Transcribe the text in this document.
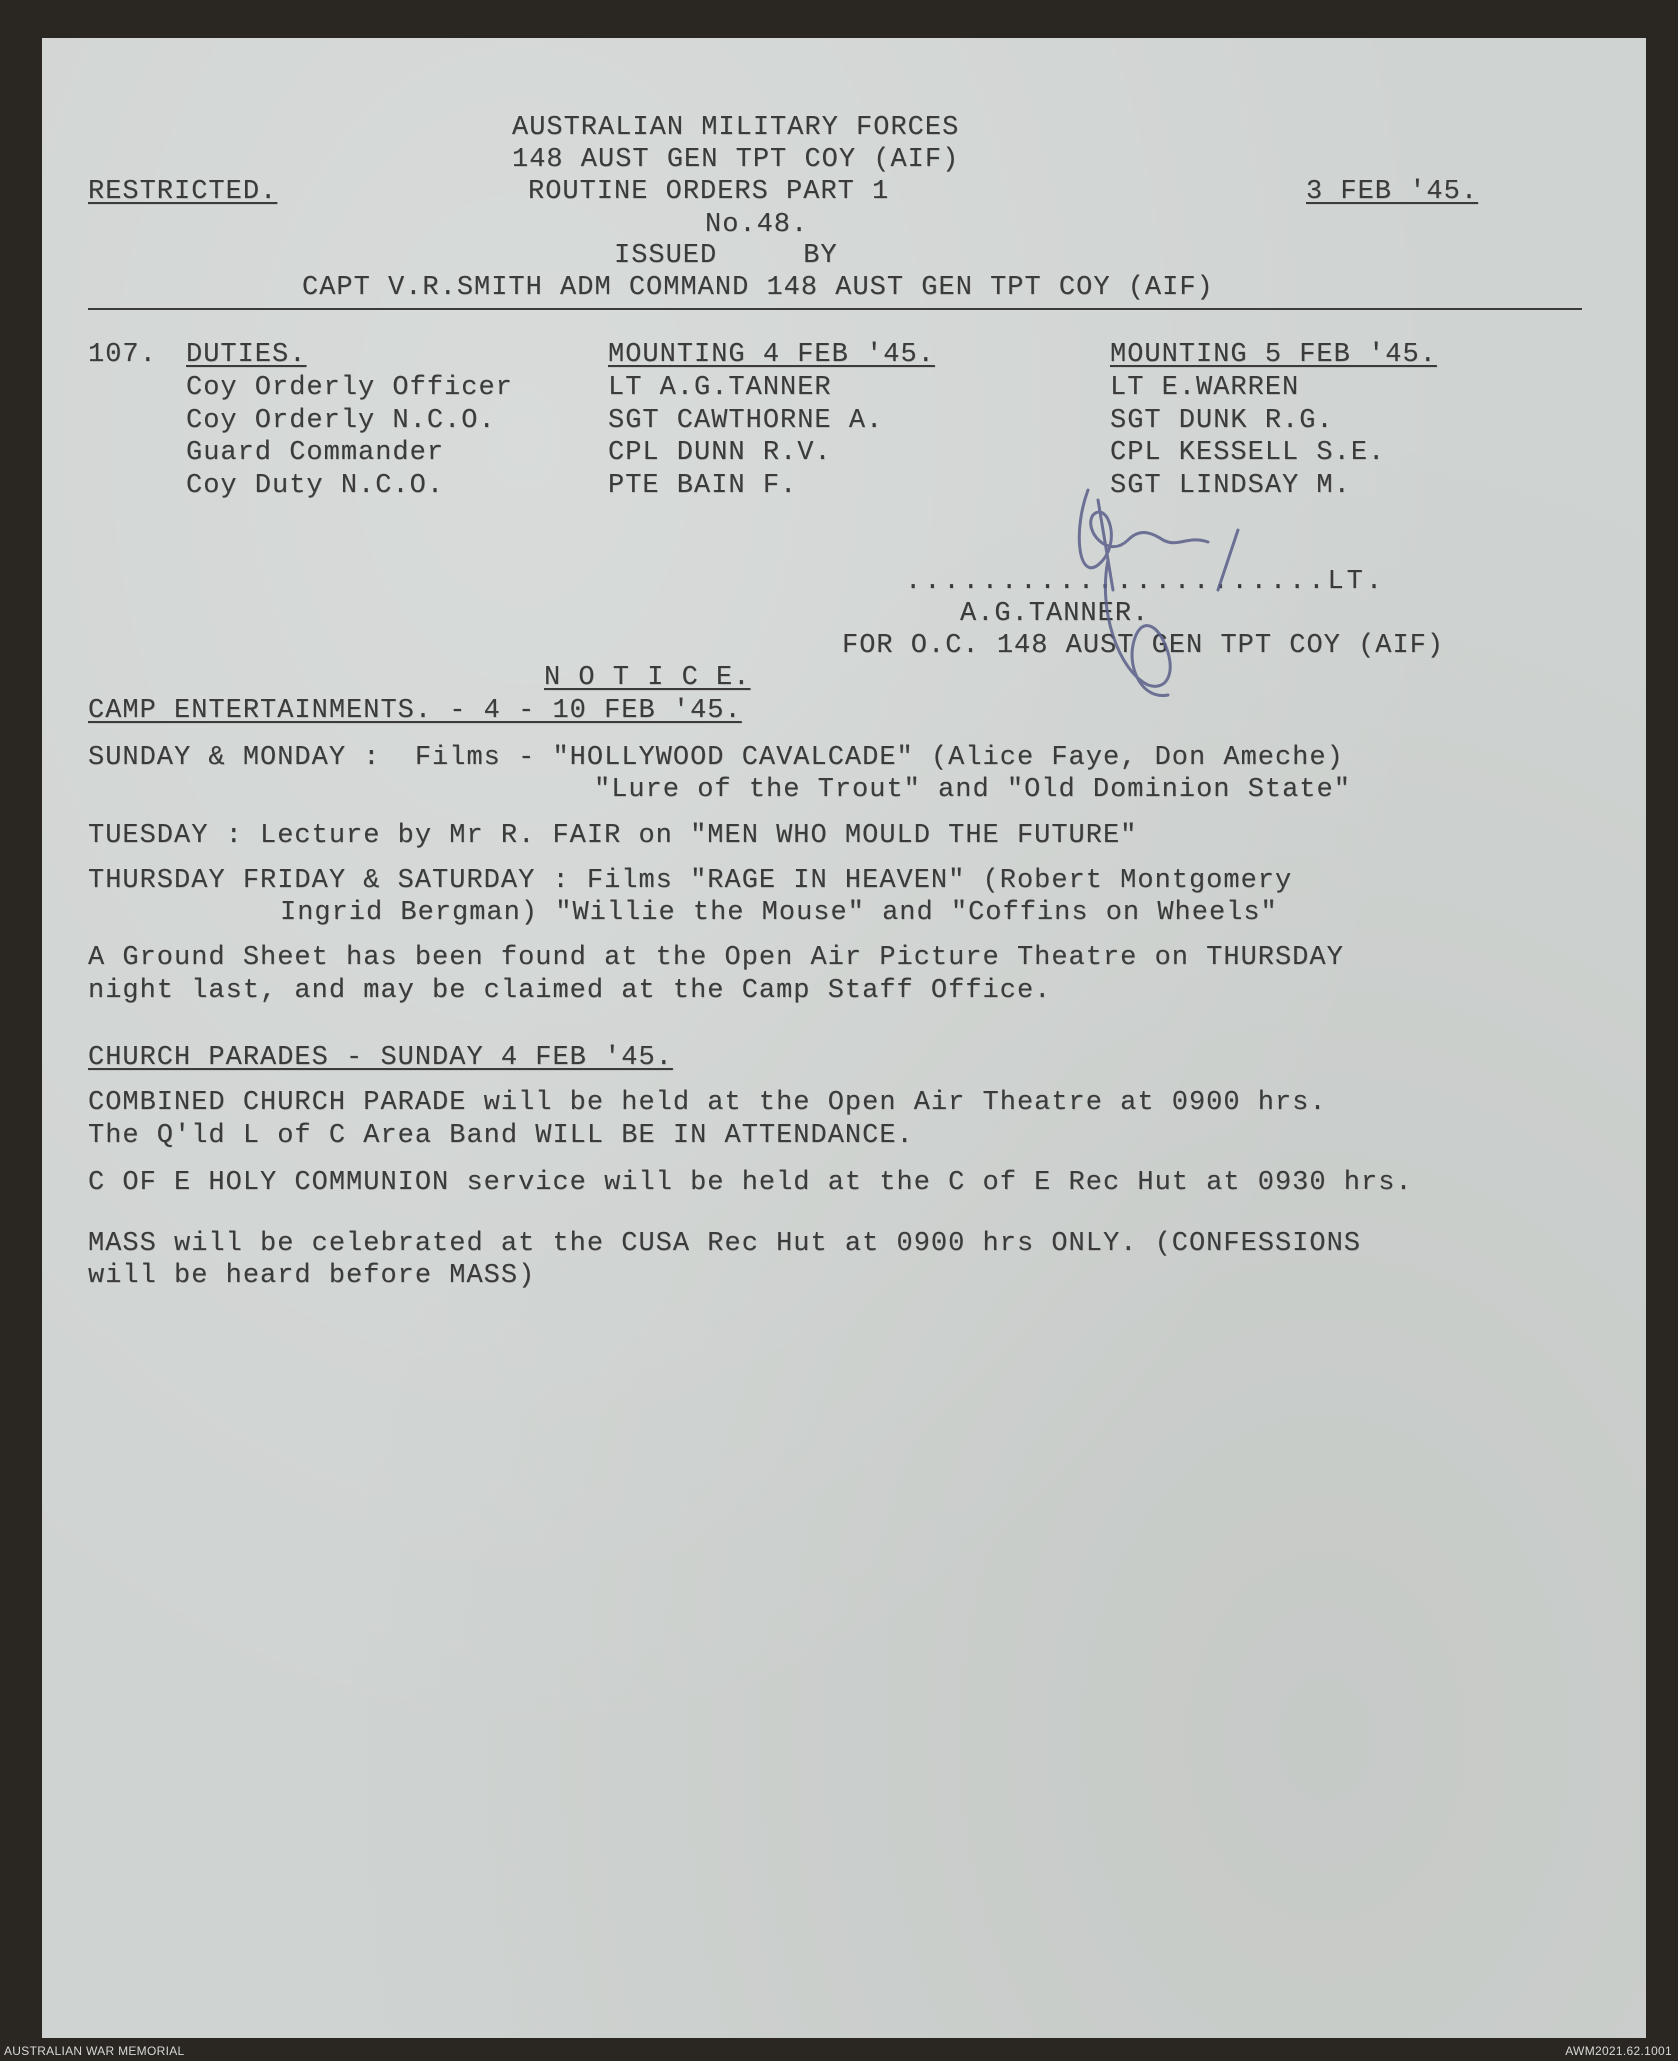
AUSTRALIAN MILITARY FORCES
148 AUST GEN TPT COY (AIF)
RESTRICTED.	ROUTINE ORDERS PART 1	3 FEB '45.
No.48.
ISSUED     BY
CAPT V.R.SMITH ADM COMMAND 148 AUST GEN TPT COY (AIF)
107. DUTIES.	MOUNTING 4 FEB '45.	MOUNTING 5 FEB '45.
Coy Orderly Officer	LT A.G.TANNER	LT E.WARREN
Coy Orderly N.C.O.	SGT CAWTHORNE A.	SGT DUNK R.G.
Guard Commander	CPL DUNN R.V.	CPL KESSELL S.E.
Coy Duty N.C.O.	PTE BAIN F.	SGT LINDSAY M.
......................LT.
A.G.TANNER.
FOR O.C. 148 AUST GEN TPT COY (AIF)
N O T I C E.
CAMP ENTERTAINMENTS. - 4 - 10 FEB '45.
SUNDAY & MONDAY :  Films - "HOLLYWOOD CAVALCADE" (Alice Faye, Don Ameche)
"Lure of the Trout" and "Old Dominion State"
TUESDAY : Lecture by Mr R. FAIR on "MEN WHO MOULD THE FUTURE"
THURSDAY FRIDAY & SATURDAY : Films "RAGE IN HEAVEN" (Robert Montgomery
Ingrid Bergman) "Willie the Mouse" and "Coffins on Wheels"
A Ground Sheet has been found at the Open Air Picture Theatre on THURSDAY
night last, and may be claimed at the Camp Staff Office.
CHURCH PARADES - SUNDAY 4 FEB '45.
COMBINED CHURCH PARADE will be held at the Open Air Theatre at 0900 hrs.
The Q'ld L of C Area Band WILL BE IN ATTENDANCE.
C OF E HOLY COMMUNION service will be held at the C of E Rec Hut at 0930 hrs.
MASS will be celebrated at the CUSA Rec Hut at 0900 hrs ONLY. (CONFESSIONS
will be heard before MASS)
AUSTRALIAN WAR MEMORIAL	AWM2021.62.1001
